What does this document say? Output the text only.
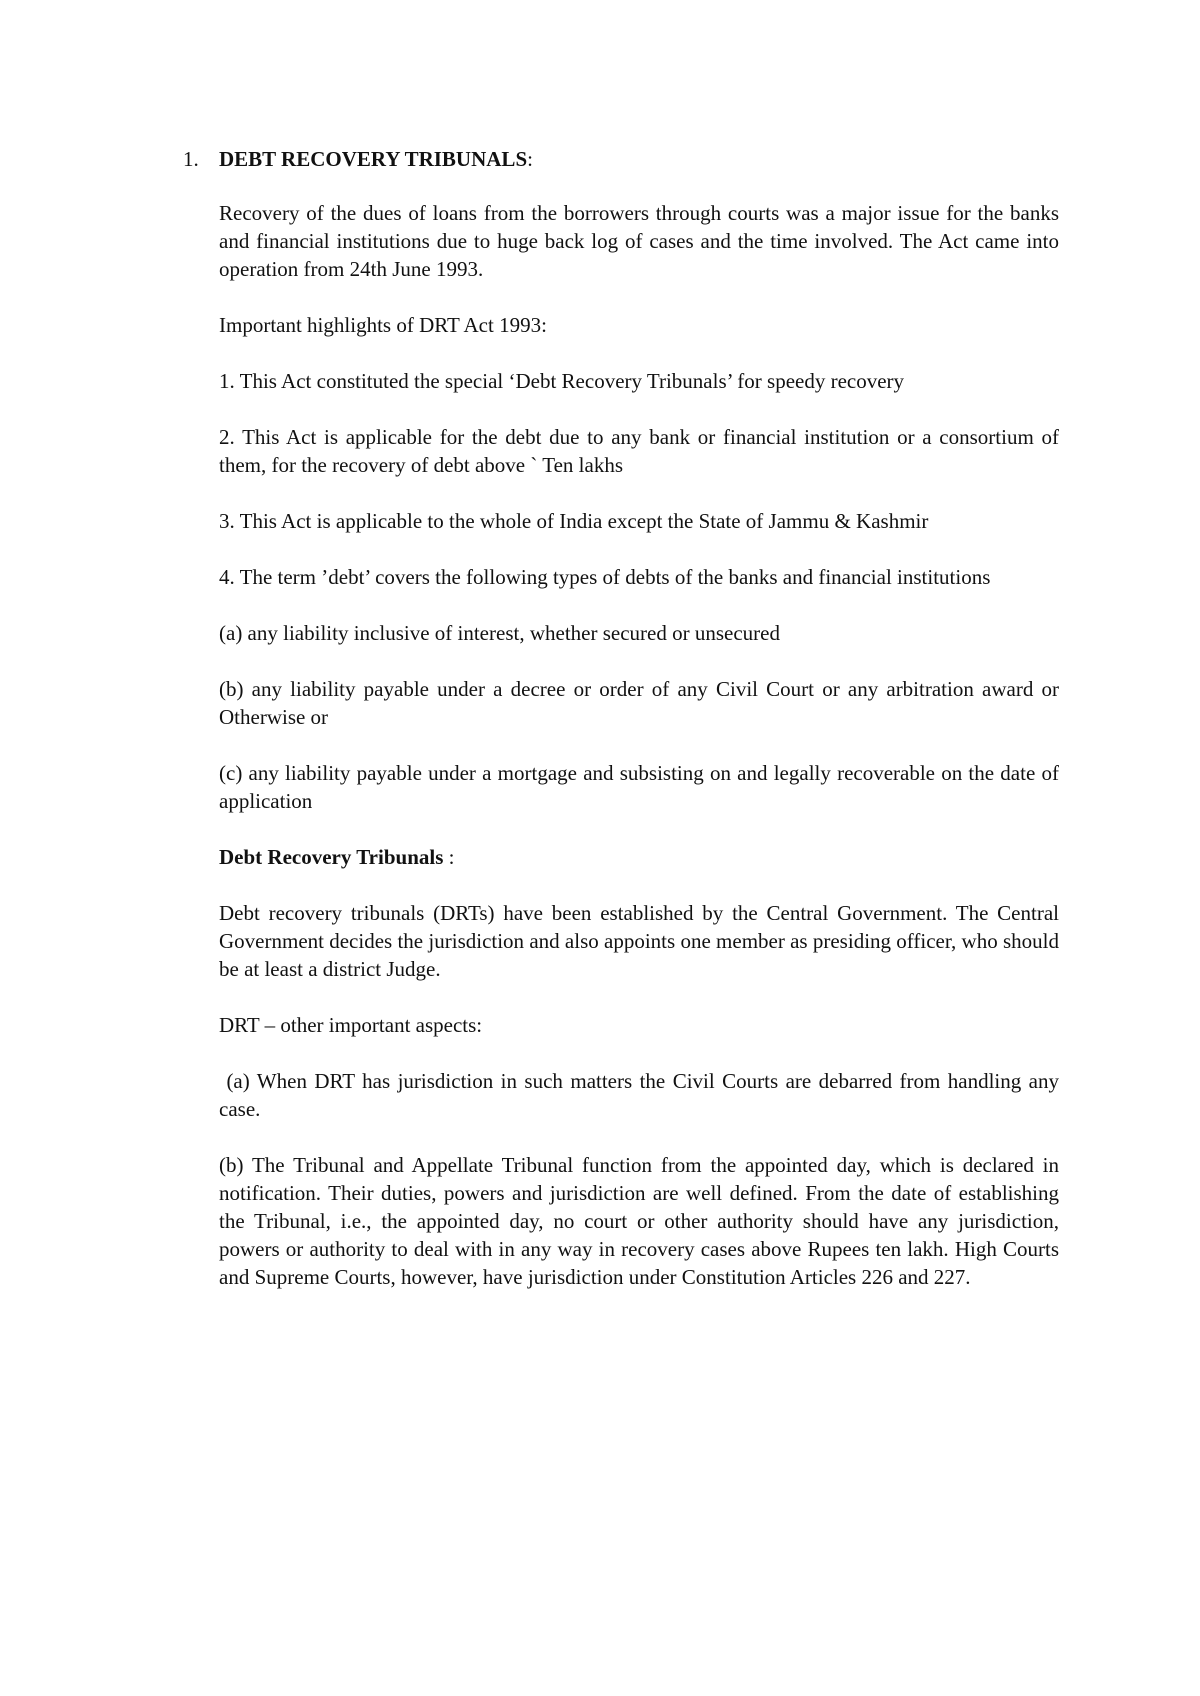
1. DEBT RECOVERY TRIBUNALS:

Recovery of the dues of loans from the borrowers through courts was a major issue for the banks and financial institutions due to huge back log of cases and the time involved. The Act came into operation from 24th June 1993.

Important highlights of DRT Act 1993:

1. This Act constituted the special ‘Debt Recovery Tribunals’ for speedy recovery

2. This Act is applicable for the debt due to any bank or financial institution or a consortium of them, for the recovery of debt above ` Ten lakhs

3. This Act is applicable to the whole of India except the State of Jammu & Kashmir

4. The term ’debt’ covers the following types of debts of the banks and financial institutions

(a) any liability inclusive of interest, whether secured or unsecured

(b) any liability payable under a decree or order of any Civil Court or any arbitration award or Otherwise or

(c) any liability payable under a mortgage and subsisting on and legally recoverable on the date of application

Debt Recovery Tribunals :

Debt recovery tribunals (DRTs) have been established by the Central Government. The Central Government decides the jurisdiction and also appoints one member as presiding officer, who should be at least a district Judge.

DRT – other important aspects:

(a) When DRT has jurisdiction in such matters the Civil Courts are debarred from handling any case.

(b) The Tribunal and Appellate Tribunal function from the appointed day, which is declared in notification. Their duties, powers and jurisdiction are well defined. From the date of establishing the Tribunal, i.e., the appointed day, no court or other authority should have any jurisdiction, powers or authority to deal with in any way in recovery cases above Rupees ten lakh. High Courts and Supreme Courts, however, have jurisdiction under Constitution Articles 226 and 227.
